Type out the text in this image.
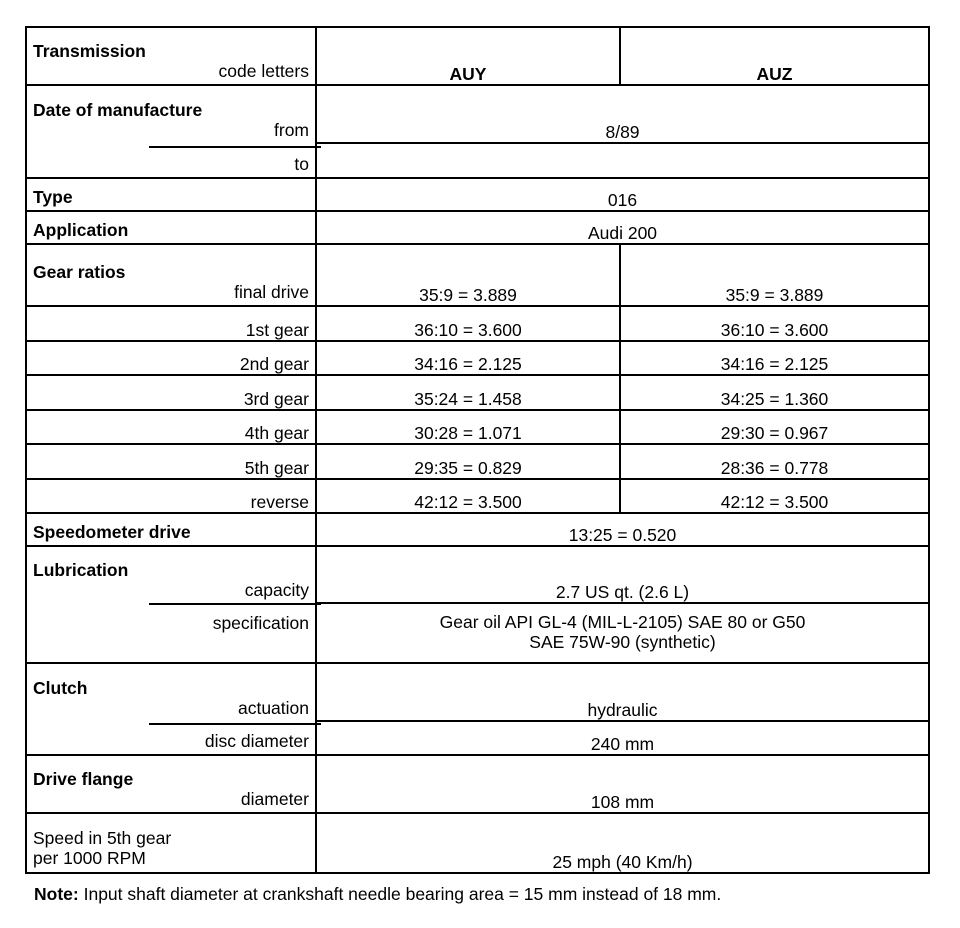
Transmission
code letters	AUY	AUZ

Date of manufacture
from	8/89	

to		

Type	016	
Application	Audi 200	

Gear ratios
final drive	35:9 = 3.889	35:9 = 3.889
1st gear	36:10 = 3.600	36:10 = 3.600
2nd gear	34:16 = 2.125	34:16 = 2.125
3rd gear	35:24 = 1.458	34:25 = 1.360
4th gear	30:28 = 1.071	29:30 = 0.967
5th gear	29:35 = 0.829	28:36 = 0.778
reverse	42:12 = 3.500	42:12 = 3.500
Speedometer drive	13:25 = 0.520	

Lubrication
capacity	2.7 US qt. (2.6 L)	

specification	Gear oil API GL-4 (MIL-L-2105) SAE 80 or G50
SAE 75W-90 (synthetic)	

Clutch
actuation	hydraulic	

disc diameter	240 mm	

Drive flange
diameter	108 mm	

Speed in 5th gear
per 1000 RPM	25 mph (40 Km/h)	
Note: Input shaft diameter at crankshaft needle bearing area = 15 mm instead of 18 mm.
